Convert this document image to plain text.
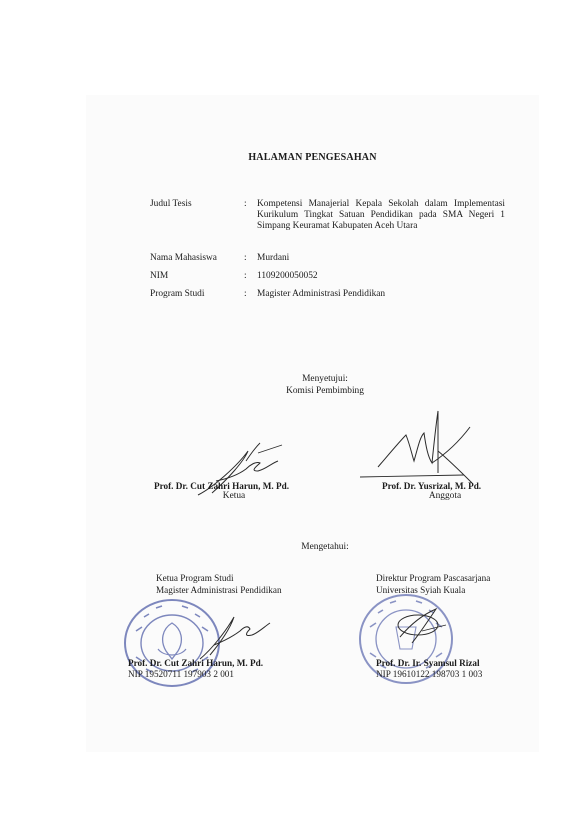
HALAMAN PENGESAHAN
Judul Tesis	: Kompetensi Manajerial Kepala Sekolah dalam Implementasi Kurikulum Tingkat Satuan Pendidikan pada SMA Negeri 1 Simpang Keuramat Kabupaten Aceh Utara
Nama Mahasiswa	: Murdani
NIM	: 1109200050052
Program Studi	: Magister Administrasi Pendidikan
Menyetujui:
Komisi Pembimbing
Prof. Dr. Cut Zahri Harun, M. Pd.
Ketua
Prof. Dr. Yusrizal, M. Pd.
Anggota
Mengetahui:
Ketua Program Studi
Magister Administrasi Pendidikan
Prof. Dr. Cut Zahri Harun, M. Pd.
NIP 19520711 197903 2 001
Direktur Program Pascasarjana
Universitas Syiah Kuala
Prof. Dr. Ir. Syamsul Rizal
NIP 19610122 198703 1 003
